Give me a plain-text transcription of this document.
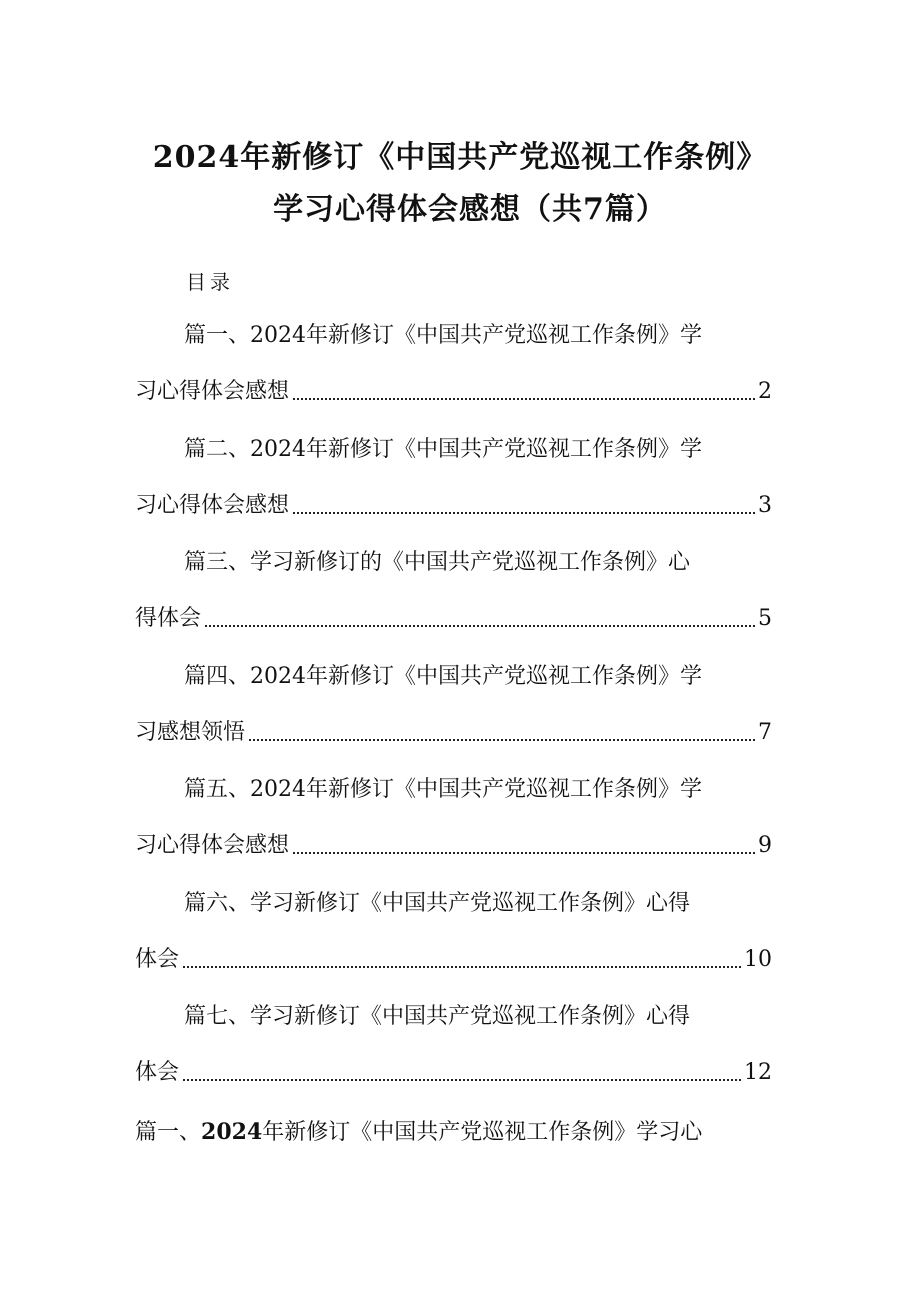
2024年新修订《中国共产党巡视工作条例》
学习心得体会感想（共7篇）
目录
篇一、2024年新修订《中国共产党巡视工作条例》学
习心得体会感想	2
篇二、2024年新修订《中国共产党巡视工作条例》学
习心得体会感想	3
篇三、学习新修订的《中国共产党巡视工作条例》心
得体会	5
篇四、2024年新修订《中国共产党巡视工作条例》学
习感想领悟	7
篇五、2024年新修订《中国共产党巡视工作条例》学
习心得体会感想	9
篇六、学习新修订《中国共产党巡视工作条例》心得
体会	10
篇七、学习新修订《中国共产党巡视工作条例》心得
体会	12
篇一、2024年新修订《中国共产党巡视工作条例》学习心
